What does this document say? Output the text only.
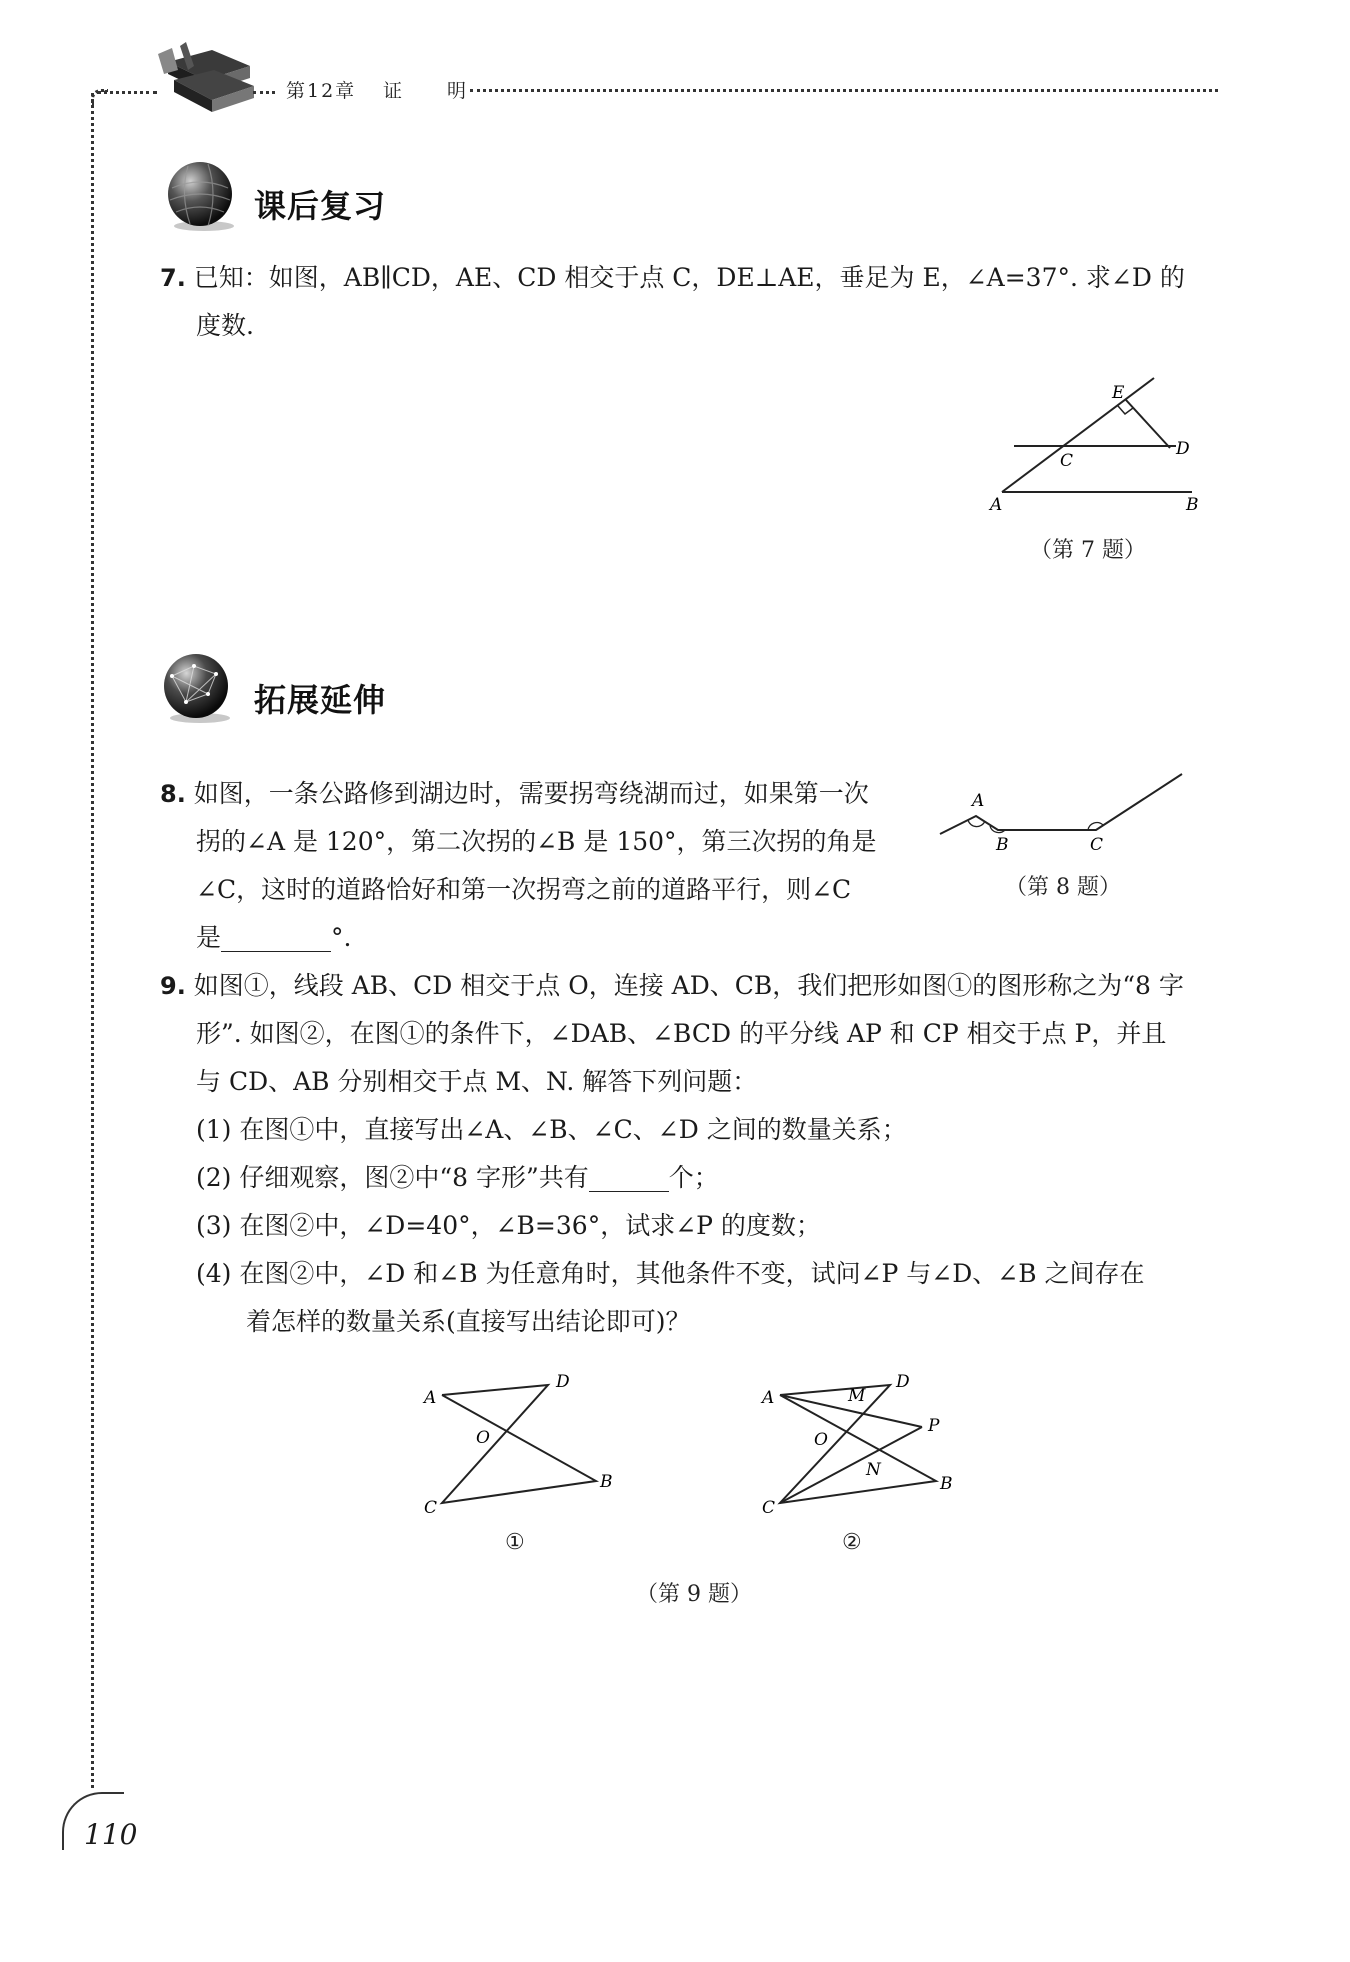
第12章 证 明
课后复习
7. 已知：如图，AB∥CD，AE、CD 相交于点 C，DE⊥AE，垂足为 E，∠A=37°. 求∠D 的
度数.
E
D
C
A	B
（第 7 题）
拓展延伸
8. 如图，一条公路修到湖边时，需要拐弯绕湖而过，如果第一次
拐的∠A 是 120°，第二次拐的∠B 是 150°，第三次拐的角是
∠C，这时的道路恰好和第一次拐弯之前的道路平行，则∠C
是	°.
A
B	C
（第 8 题）
9. 如图①，线段 AB、CD 相交于点 O，连接 AD、CB，我们把形如图①的图形称之为“8 字
形”. 如图②，在图①的条件下，∠DAB、∠BCD 的平分线 AP 和 CP 相交于点 P，并且
与 CD、AB 分别相交于点 M、N. 解答下列问题：
(1) 在图①中，直接写出∠A、∠B、∠C、∠D 之间的数量关系；
(2) 仔细观察，图②中“8 字形”共有	个；
(3) 在图②中，∠D=40°，∠B=36°，试求∠P 的度数；
(4) 在图②中，∠D 和∠B 为任意角时，其他条件不变，试问∠P 与∠D、∠B 之间存在
着怎样的数量关系(直接写出结论即可)？
A
D
O
C
B
①
A	M
D
P
O
N
C
B
②
（第 9 题）
110
